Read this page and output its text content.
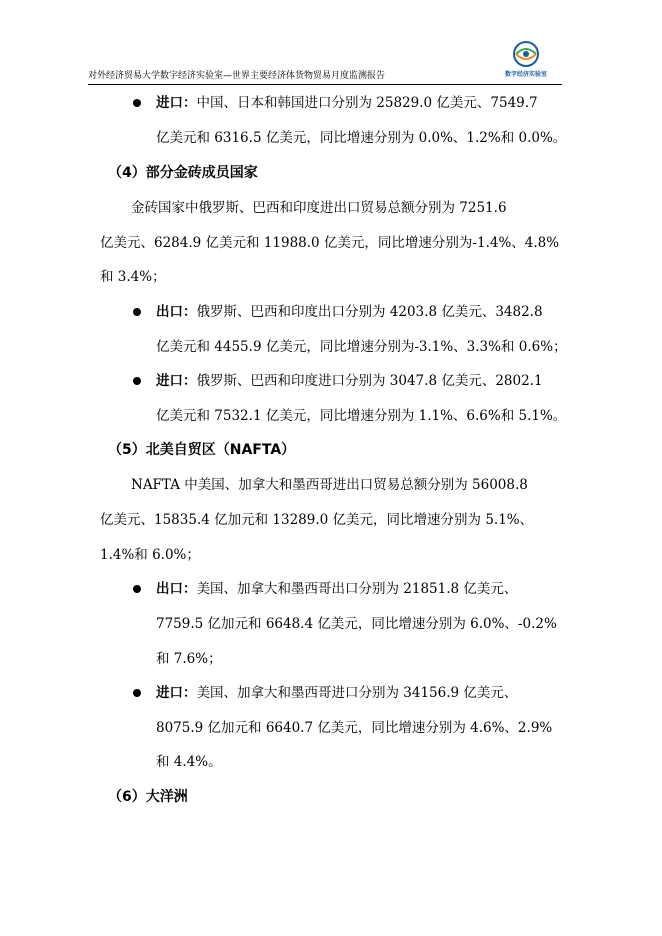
对外经济贸易大学数字经济实验室—世界主要经济体货物贸易月度监测报告	数字经济实验室
进口：中国、日本和韩国进口分别为 25829.0 亿美元、7549.7
亿美元和 6316.5 亿美元，同比增速分别为 0.0%、1.2%和 0.0%。
（4）部分金砖成员国家
金砖国家中俄罗斯、巴西和印度进出口贸易总额分别为 7251.6
亿美元、6284.9 亿美元和 11988.0 亿美元，同比增速分别为-1.4%、4.8%
和 3.4%；
出口：俄罗斯、巴西和印度出口分别为 4203.8 亿美元、3482.8
亿美元和 4455.9 亿美元，同比增速分别为-3.1%、3.3%和 0.6%；
进口：俄罗斯、巴西和印度进口分别为 3047.8 亿美元、2802.1
亿美元和 7532.1 亿美元，同比增速分别为 1.1%、6.6%和 5.1%。
（5）北美自贸区（NAFTA）
NAFTA 中美国、加拿大和墨西哥进出口贸易总额分别为 56008.8
亿美元、15835.4 亿加元和 13289.0 亿美元，同比增速分别为 5.1%、
1.4%和 6.0%；
出口：美国、加拿大和墨西哥出口分别为 21851.8 亿美元、
7759.5 亿加元和 6648.4 亿美元，同比增速分别为 6.0%、-0.2%
和 7.6%；
进口：美国、加拿大和墨西哥进口分别为 34156.9 亿美元、
8075.9 亿加元和 6640.7 亿美元，同比增速分别为 4.6%、2.9%
和 4.4%。
（6）大洋洲
